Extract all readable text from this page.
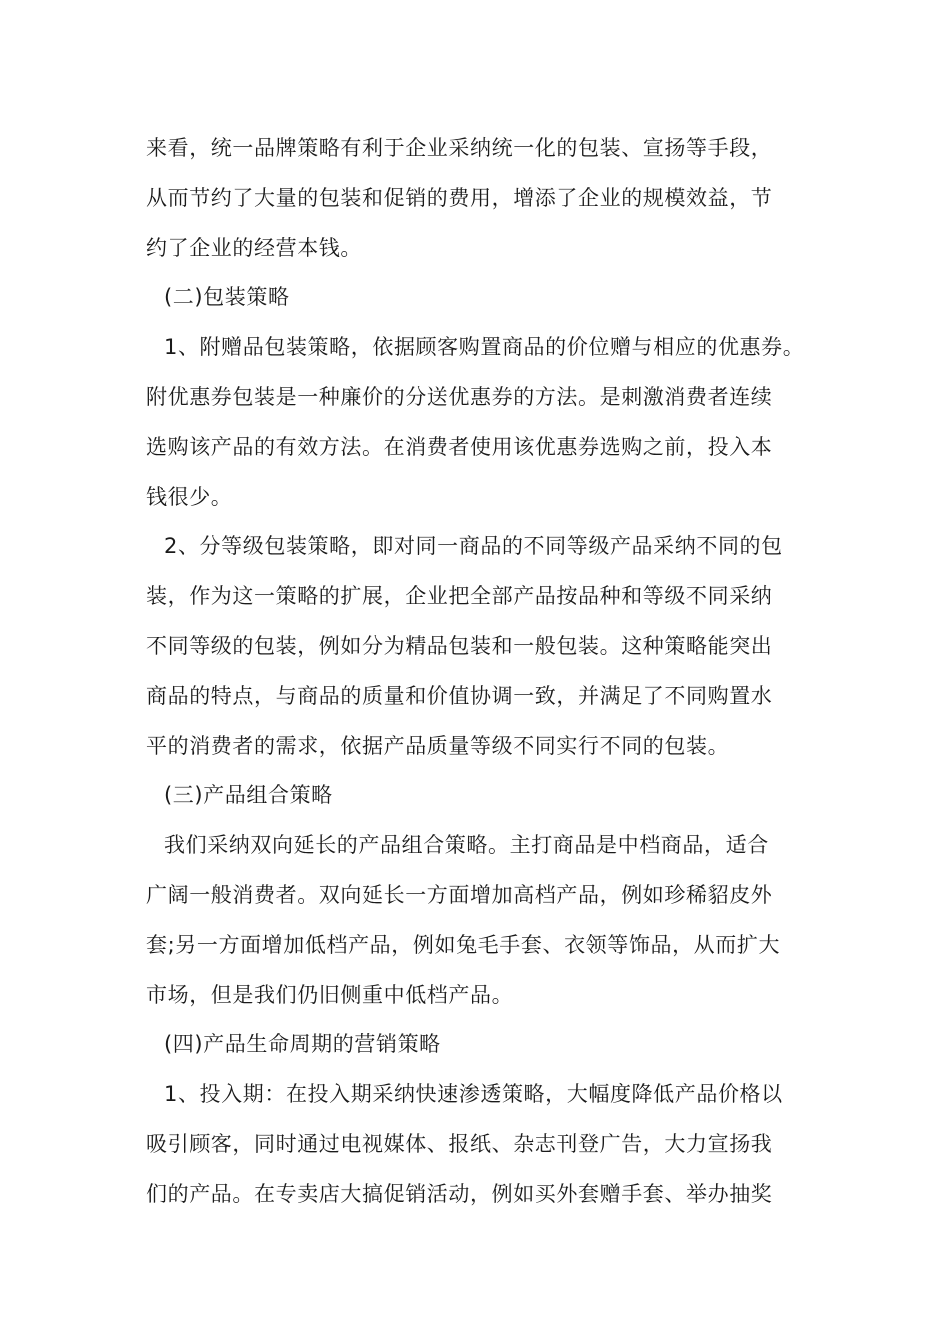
来看，统一品牌策略有利于企业采纳统一化的包装、宣扬等手段，

从而节约了大量的包装和促销的费用，增添了企业的规模效益，节

约了企业的经营本钱。

(二)包装策略

1、附赠品包装策略，依据顾客购置商品的价位赠与相应的优惠券。

附优惠券包装是一种廉价的分送优惠券的方法。是刺激消费者连续

选购该产品的有效方法。在消费者使用该优惠券选购之前，投入本

钱很少。

2、分等级包装策略，即对同一商品的不同等级产品采纳不同的包

装，作为这一策略的扩展，企业把全部产品按品种和等级不同采纳

不同等级的包装，例如分为精品包装和一般包装。这种策略能突出

商品的特点，与商品的质量和价值协调一致，并满足了不同购置水

平的消费者的需求，依据产品质量等级不同实行不同的包装。

(三)产品组合策略

我们采纳双向延长的产品组合策略。主打商品是中档商品，适合

广阔一般消费者。双向延长一方面增加高档产品，例如珍稀貂皮外

套;另一方面增加低档产品，例如兔毛手套、衣领等饰品，从而扩大

市场，但是我们仍旧侧重中低档产品。

(四)产品生命周期的营销策略

1、投入期：在投入期采纳快速渗透策略，大幅度降低产品价格以

吸引顾客，同时通过电视媒体、报纸、杂志刊登广告，大力宣扬我

们的产品。在专卖店大搞促销活动，例如买外套赠手套、举办抽奖
